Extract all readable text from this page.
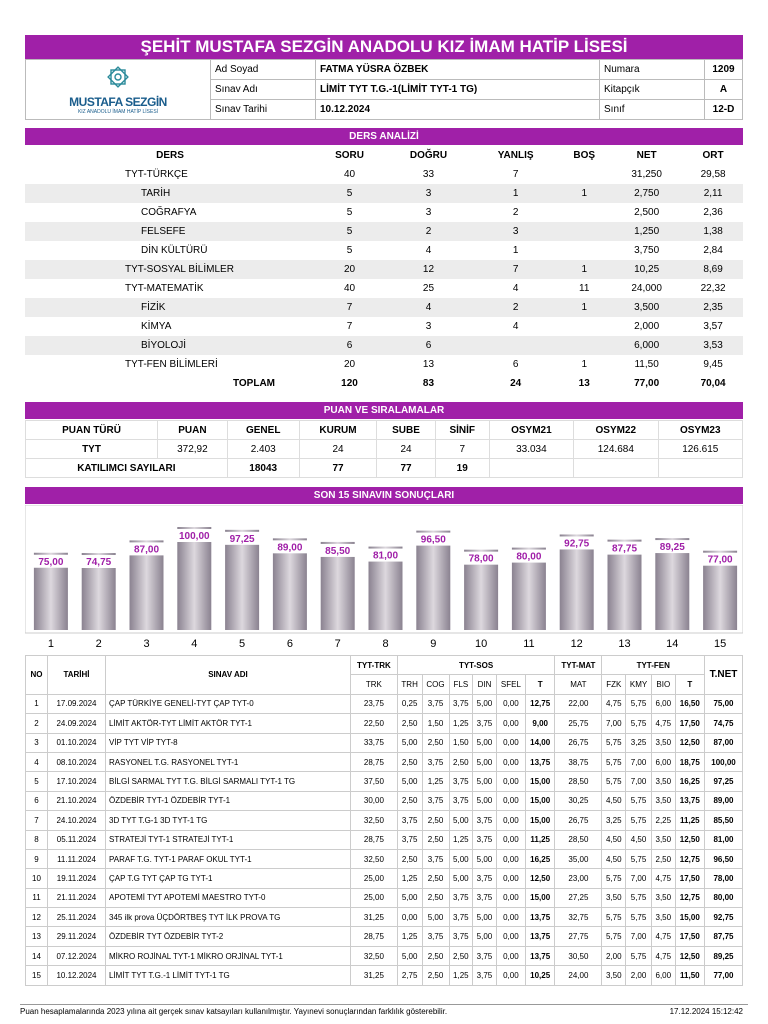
ŞEHİT MUSTAFA SEZGİN ANADOLU KIZ İMAM HATİP LİSESİ
MUSTAFA SEZGİN
KIZ ANADOLU İMAM HATİP LİSESİ	Ad Soyad	FATMA YÜSRA ÖZBEK	Numara	1209
	Sınav Adı	LİMİT TYT T.G.-1(LİMİT TYT-1 TG)	Kitapçık	A
	Sınav Tarihi	10.12.2024	Sınıf	12-D
DERS ANALİZİ
DERS	SORU	DOĞRU	YANLIŞ	BOŞ	NET	ORT
TYT-TÜRKÇE	40	33	7		31,250	29,58
TARİH	5	3	1	1	2,750	2,11
COĞRAFYA	5	3	2		2,500	2,36
FELSEFE	5	2	3		1,250	1,38
DİN KÜLTÜRÜ	5	4	1		3,750	2,84
TYT-SOSYAL BİLİMLER	20	12	7	1	10,25	8,69
TYT-MATEMATİK	40	25	4	11	24,000	22,32
FİZİK	7	4	2	1	3,500	2,35
KİMYA	7	3	4		2,000	3,57
BİYOLOJİ	6	6			6,000	3,53
TYT-FEN BİLİMLERİ	20	13	6	1	11,50	9,45
TOPLAM	120	83	24	13	77,00	70,04
PUAN VE SIRALAMALAR
PUAN TÜRÜ	PUAN	GENEL	KURUM	SUBE	SİNİF	OSYM21	OSYM22	OSYM23
TYT	372,92	2.403	24	24	7	33.034	124.684	126.615
KATILIMCI SAYILARI		18043	77	77	19			
SON 15 SINAVIN SONUÇLARI
75,00
1
74,75
2
87,00
3
100,00
4
97,25
5
89,00
6
85,50
7
81,00
8
96,50
9
78,00
10
80,00
11
92,75
12
87,75
13
89,25
14
77,00
15
NO	TARİHİ	SINAV ADI	TYT-TRK	TYT-SOS						TYT-MAT	TYT-FEN				T.NET
			TRK	TRH	COG	FLS	DIN	SFEL	T	MAT	FZK	KMY	BIO	T	
1	17.09.2024	ÇAP TÜRKİYE GENELİ-TYT ÇAP TYT-0	23,75	0,25	3,75	3,75	5,00	0,00	12,75	22,00	4,75	5,75	6,00	16,50	75,00
2	24.09.2024	LİMİT AKTÖR-TYT LİMİT AKTÖR TYT-1	22,50	2,50	1,50	1,25	3,75	0,00	9,00	25,75	7,00	5,75	4,75	17,50	74,75
3	01.10.2024	VİP TYT VİP TYT-8	33,75	5,00	2,50	1,50	5,00	0,00	14,00	26,75	5,75	3,25	3,50	12,50	87,00
4	08.10.2024	RASYONEL T.G. RASYONEL TYT-1	28,75	2,50	3,75	2,50	5,00	0,00	13,75	38,75	5,75	7,00	6,00	18,75	100,00
5	17.10.2024	BİLGİ SARMAL TYT T.G. BİLGİ SARMALI TYT-1 TG	37,50	5,00	1,25	3,75	5,00	0,00	15,00	28,50	5,75	7,00	3,50	16,25	97,25
6	21.10.2024	ÖZDEBİR TYT-1 ÖZDEBİR TYT-1	30,00	2,50	3,75	3,75	5,00	0,00	15,00	30,25	4,50	5,75	3,50	13,75	89,00
7	24.10.2024	3D TYT T.G-1 3D TYT-1 TG	32,50	3,75	2,50	5,00	3,75	0,00	15,00	26,75	3,25	5,75	2,25	11,25	85,50
8	05.11.2024	STRATEJİ TYT-1 STRATEJİ TYT-1	28,75	3,75	2,50	1,25	3,75	0,00	11,25	28,50	4,50	4,50	3,50	12,50	81,00
9	11.11.2024	PARAF T.G. TYT-1 PARAF OKUL TYT-1	32,50	2,50	3,75	5,00	5,00	0,00	16,25	35,00	4,50	5,75	2,50	12,75	96,50
10	19.11.2024	ÇAP T.G TYT ÇAP TG TYT-1	25,00	1,25	2,50	5,00	3,75	0,00	12,50	23,00	5,75	7,00	4,75	17,50	78,00
11	21.11.2024	APOTEMİ TYT APOTEMİ MAESTRO TYT-0	25,00	5,00	2,50	3,75	3,75	0,00	15,00	27,25	3,50	5,75	3,50	12,75	80,00
12	25.11.2024	345 ilk prova ÜÇDÖRTBEŞ TYT İLK PROVA TG	31,25	0,00	5,00	3,75	5,00	0,00	13,75	32,75	5,75	5,75	3,50	15,00	92,75
13	29.11.2024	ÖZDEBİR TYT ÖZDEBİR TYT-2	28,75	1,25	3,75	3,75	5,00	0,00	13,75	27,75	5,75	7,00	4,75	17,50	87,75
14	07.12.2024	MİKRO ROJİNAL TYT-1 MİKRO ORJİNAL TYT-1	32,50	5,00	2,50	2,50	3,75	0,00	13,75	30,50	2,00	5,75	4,75	12,50	89,25
15	10.12.2024	LİMİT TYT T.G.-1 LİMİT TYT-1 TG	31,25	2,75	2,50	1,25	3,75	0,00	10,25	24,00	3,50	2,00	6,00	11,50	77,00
Puan hesaplamalarında 2023 yılına ait gerçek sınav katsayıları kullanılmıştır. Yayınevi sonuçlarından farklılık gösterebilir.	17.12.2024 15:12:42
